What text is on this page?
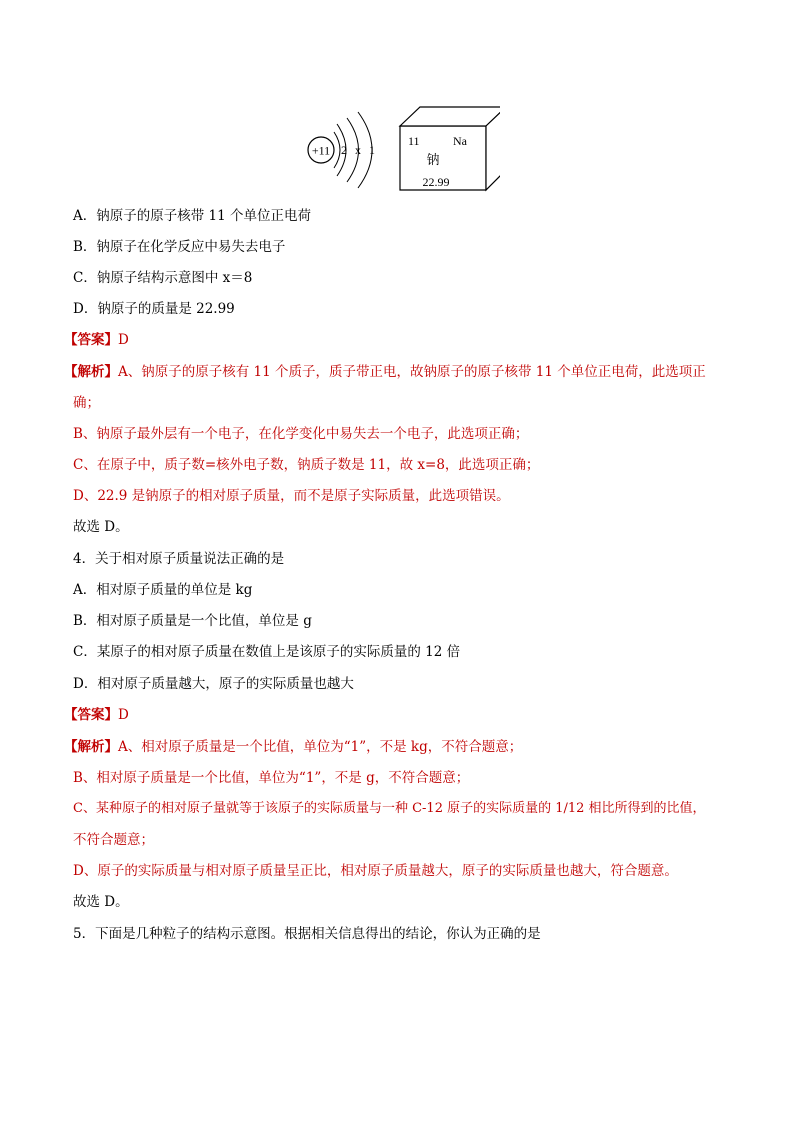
+11 2 x 1
11	Na
钠
22.99
A．钠原子的原子核带 11 个单位正电荷
B．钠原子在化学反应中易失去电子
C．钠原子结构示意图中 x＝8
D．钠原子的质量是 22.99
【答案】D
【解析】A、钠原子的原子核有 11 个质子，质子带正电，故钠原子的原子核带 11 个单位正电荷，此选项正
确；
B、钠原子最外层有一个电子，在化学变化中易失去一个电子，此选项正确；
C、在原子中，质子数=核外电子数，钠质子数是 11，故 x=8，此选项正确；
D、22.9 是钠原子的相对原子质量，而不是原子实际质量，此选项错误。
故选 D。
4．关于相对原子质量说法正确的是
A．相对原子质量的单位是 kg
B．相对原子质量是一个比值，单位是 g
C．某原子的相对原子质量在数值上是该原子的实际质量的 12 倍
D．相对原子质量越大，原子的实际质量也越大
【答案】D
【解析】A、相对原子质量是一个比值，单位为“1”，不是 kg，不符合题意；
B、相对原子质量是一个比值，单位为“1”，不是 g，不符合题意；
C、某种原子的相对原子量就等于该原子的实际质量与一种 C-12 原子的实际质量的 1/12 相比所得到的比值，
不符合题意；
D、原子的实际质量与相对原子质量呈正比，相对原子质量越大，原子的实际质量也越大，符合题意。
故选 D。
5．下面是几种粒子的结构示意图。根据相关信息得出的结论，你认为正确的是
